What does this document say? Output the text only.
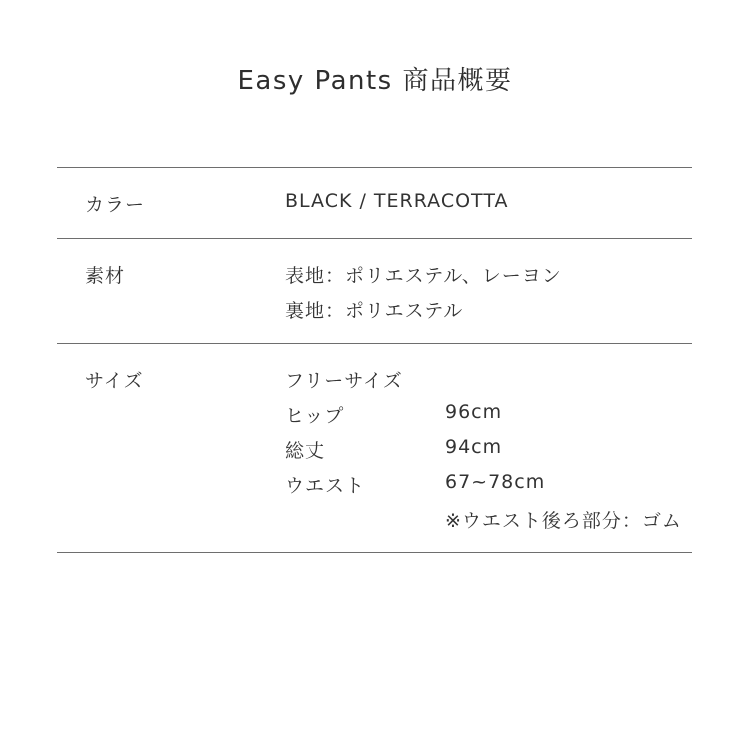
Easy Pants 商品概要
カラー	BLACK / TERRACOTTA
素材	表地：ポリエステル、レーヨン
裏地：ポリエステル
サイズ	フリーサイズ
ヒップ	96cm
総丈	94cm
ウエスト	67~78cm
※ウエスト後ろ部分：ゴム
